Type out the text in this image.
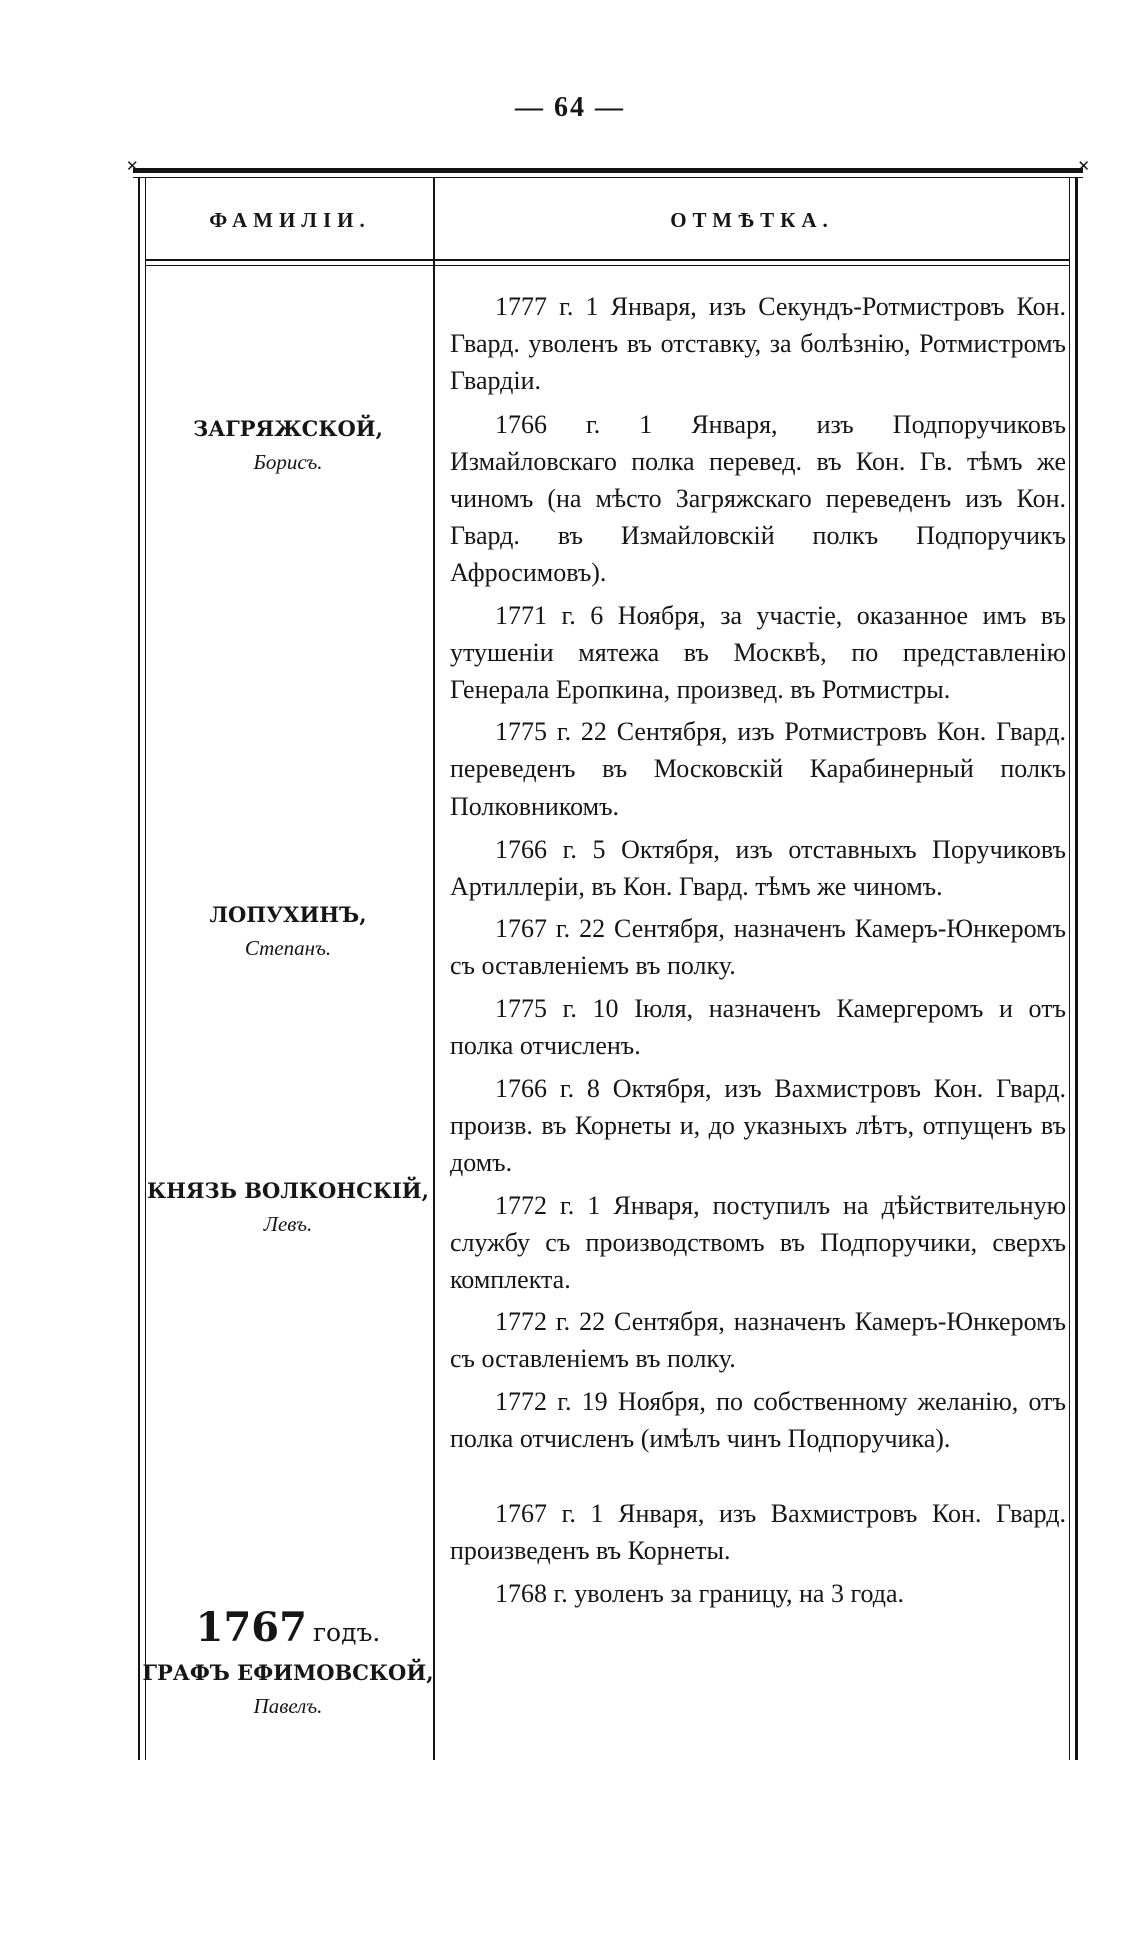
— 64 —
✕	✕
ФАМИЛІИ.	ОТМѢТКА.
ЗАГРЯЖСКОЙ,
Борисъ.
ЛОПУХИНЪ,
Степанъ.
КНЯЗЬ ВОЛКОНСКІЙ,
Левъ.
1767 годъ.
ГРАФЪ ЕФИМОВСКОЙ,
Павелъ.

1777 г. 1 Января, изъ Секундъ-Ротмистровъ Кон. Гвард. уволенъ въ отставку, за болѣзнію, Ротмистромъ Гвардіи.

1766 г. 1 Января, изъ Подпоручиковъ Измайловскаго полка перевед. въ Кон. Гв. тѣмъ же чиномъ (на мѣсто Загряжскаго переведенъ изъ Кон. Гвард. въ Измайловскій полкъ Подпоручикъ Афросимовъ).

1771 г. 6 Ноября, за участіе, оказанное имъ въ утушеніи мятежа въ Москвѣ, по представленію Генерала Еропкина, произвед. въ Ротмистры.

1775 г. 22 Сентября, изъ Ротмистровъ Кон. Гвард. переведенъ въ Московскій Карабинерный полкъ Полковникомъ.

1766 г. 5 Октября, изъ отставныхъ Поручиковъ Артиллеріи, въ Кон. Гвард. тѣмъ же чиномъ.

1767 г. 22 Сентября, назначенъ Камеръ-Юнкеромъ съ оставленіемъ въ полку.

1775 г. 10 Іюля, назначенъ Камергеромъ и отъ полка отчисленъ.

1766 г. 8 Октября, изъ Вахмистровъ Кон. Гвард. произв. въ Корнеты и, до указныхъ лѣтъ, отпущенъ въ домъ.

1772 г. 1 Января, поступилъ на дѣйствительную службу съ производствомъ въ Подпоручики, сверхъ комплекта.

1772 г. 22 Сентября, назначенъ Камеръ-Юнкеромъ съ оставленіемъ въ полку.

1772 г. 19 Ноября, по собственному желанію, отъ полка отчисленъ (имѣлъ чинъ Подпоручика).

1767 г. 1 Января, изъ Вахмистровъ Кон. Гвард. произведенъ въ Корнеты.

1768 г. уволенъ за границу, на 3 года.
